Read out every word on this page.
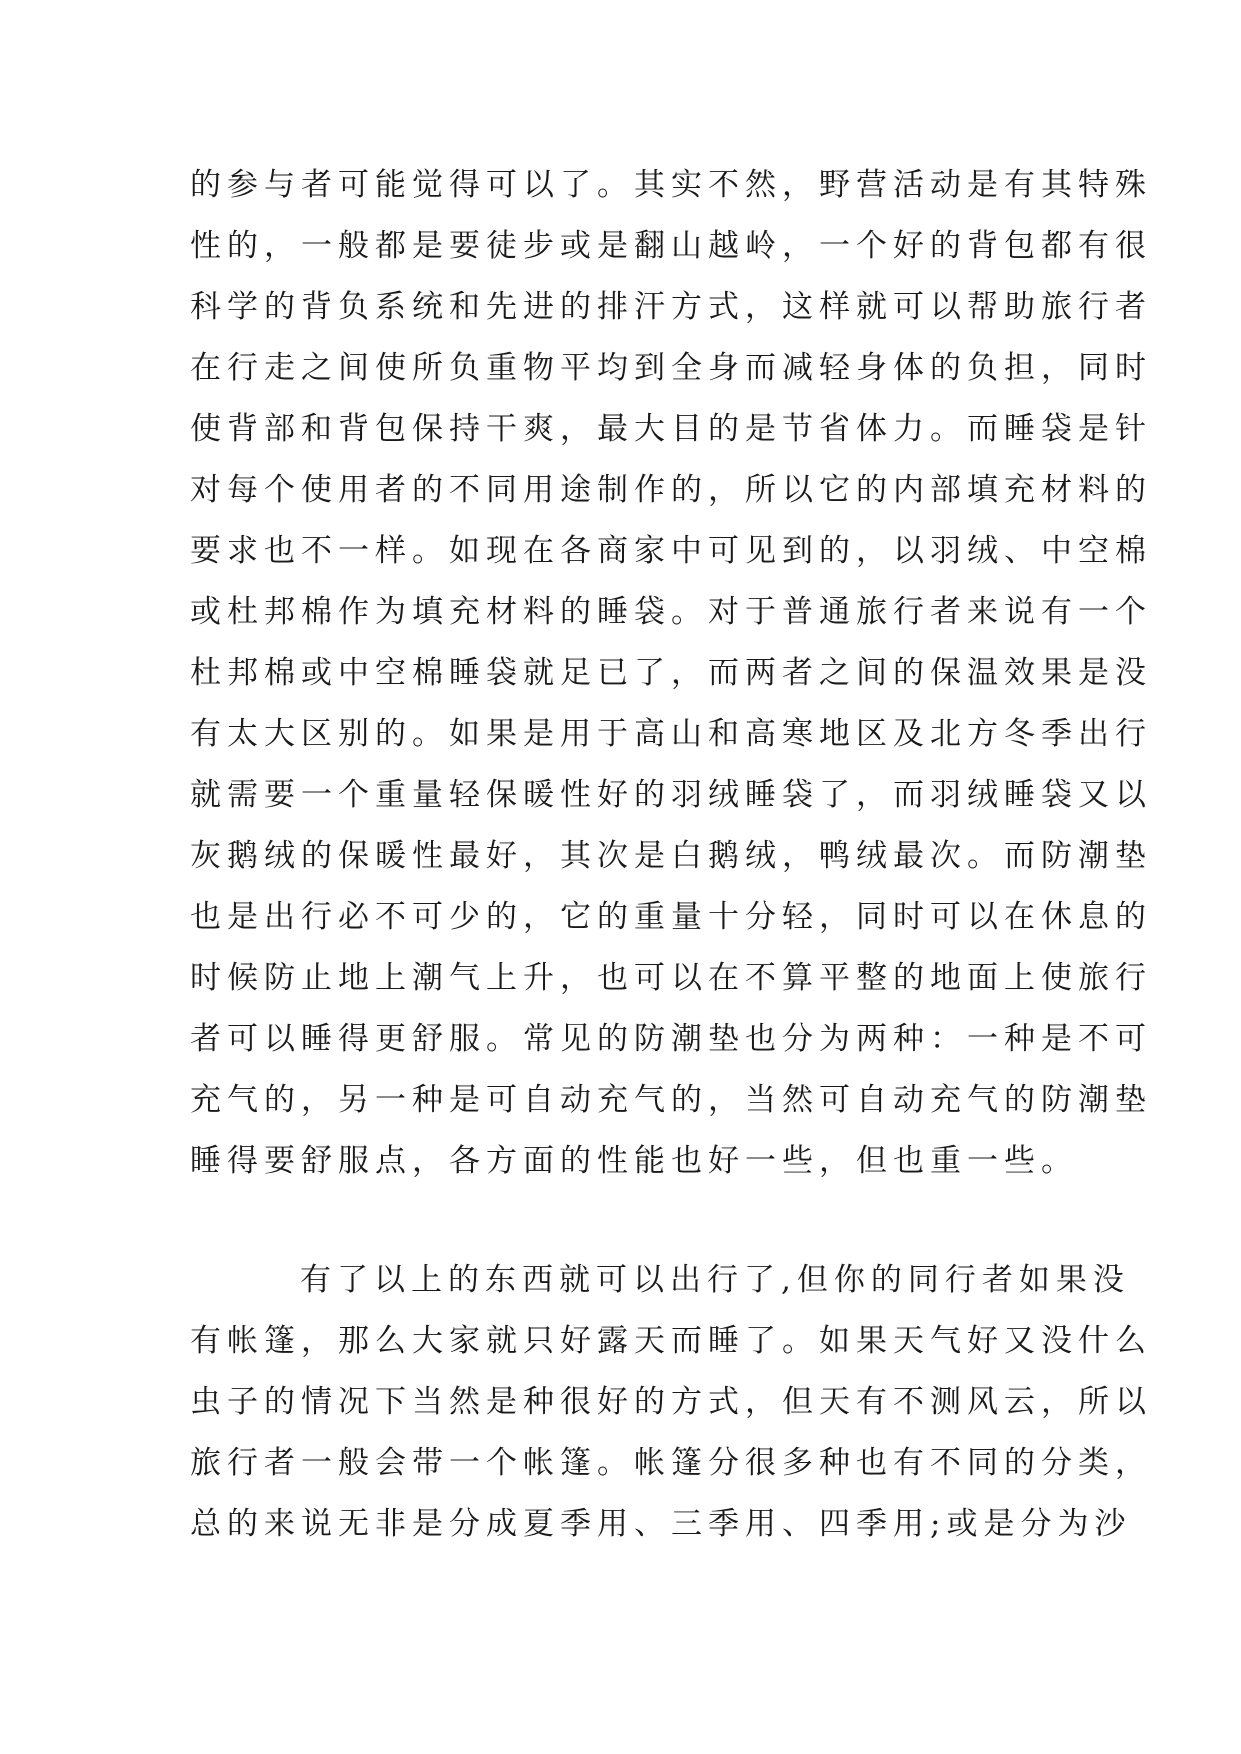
的参与者可能觉得可以了。其实不然，野营活动是有其特殊
性的，一般都是要徒步或是翻山越岭，一个好的背包都有很
科学的背负系统和先进的排汗方式，这样就可以帮助旅行者
在行走之间使所负重物平均到全身而减轻身体的负担，同时
使背部和背包保持干爽，最大目的是节省体力。而睡袋是针
对每个使用者的不同用途制作的，所以它的内部填充材料的
要求也不一样。如现在各商家中可见到的，以羽绒、中空棉
或杜邦棉作为填充材料的睡袋。对于普通旅行者来说有一个
杜邦棉或中空棉睡袋就足已了，而两者之间的保温效果是没
有太大区别的。如果是用于高山和高寒地区及北方冬季出行
就需要一个重量轻保暖性好的羽绒睡袋了，而羽绒睡袋又以
灰鹅绒的保暖性最好，其次是白鹅绒，鸭绒最次。而防潮垫
也是出行必不可少的，它的重量十分轻，同时可以在休息的
时候防止地上潮气上升，也可以在不算平整的地面上使旅行
者可以睡得更舒服。常见的防潮垫也分为两种：一种是不可
充气的，另一种是可自动充气的，当然可自动充气的防潮垫
睡得要舒服点，各方面的性能也好一些，但也重一些。
有了以上的东西就可以出行了,但你的同行者如果没
有帐篷，那么大家就只好露天而睡了。如果天气好又没什么
虫子的情况下当然是种很好的方式，但天有不测风云，所以
旅行者一般会带一个帐篷。帐篷分很多种也有不同的分类，
总的来说无非是分成夏季用、三季用、四季用;或是分为沙
